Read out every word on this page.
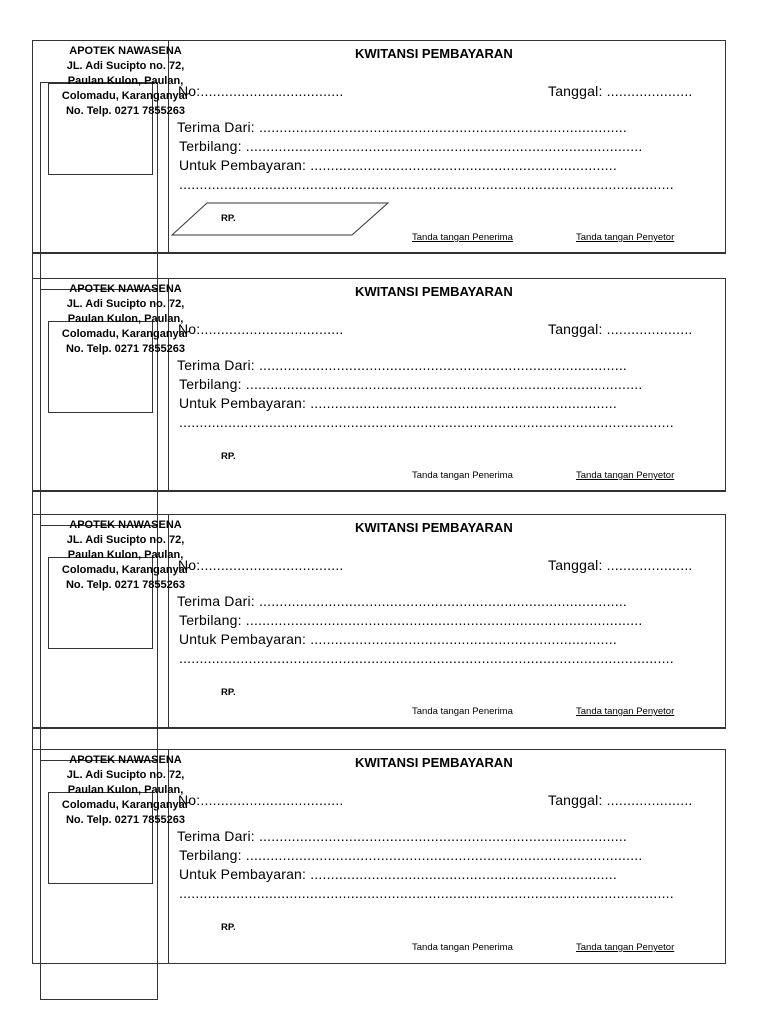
APOTEK NAWASENA
JL. Adi Sucipto no. 72,
Paulan Kulon, Paulan,
Colomadu, Karanganyar
No. Telp. 0271 7855263
KWITANSI PEMBAYARAN
No:...................................	Tanggal: .....................
Terima Dari: ..........................................................................................
Terbilang: .................................................................................................
Untuk Pembayaran: ...........................................................................
.........................................................................................................................
RP.
Tanda tangan Penerima	Tanda tangan Penyetor
APOTEK NAWASENA
JL. Adi Sucipto no. 72,
Paulan Kulon, Paulan,
Colomadu, Karanganyar
No. Telp. 0271 7855263
KWITANSI PEMBAYARAN
No:...................................	Tanggal: .....................
Terima Dari: ..........................................................................................
Terbilang: .................................................................................................
Untuk Pembayaran: ...........................................................................
.........................................................................................................................
RP.
Tanda tangan Penerima	Tanda tangan Penyetor
APOTEK NAWASENA
JL. Adi Sucipto no. 72,
Paulan Kulon, Paulan,
Colomadu, Karanganyar
No. Telp. 0271 7855263
KWITANSI PEMBAYARAN
No:...................................	Tanggal: .....................
Terima Dari: ..........................................................................................
Terbilang: .................................................................................................
Untuk Pembayaran: ...........................................................................
.........................................................................................................................
RP.
Tanda tangan Penerima	Tanda tangan Penyetor
APOTEK NAWASENA
JL. Adi Sucipto no. 72,
Paulan Kulon, Paulan,
Colomadu, Karanganyar
No. Telp. 0271 7855263
KWITANSI PEMBAYARAN
No:...................................	Tanggal: .....................
Terima Dari: ..........................................................................................
Terbilang: .................................................................................................
Untuk Pembayaran: ...........................................................................
.........................................................................................................................
RP.
Tanda tangan Penerima	Tanda tangan Penyetor
